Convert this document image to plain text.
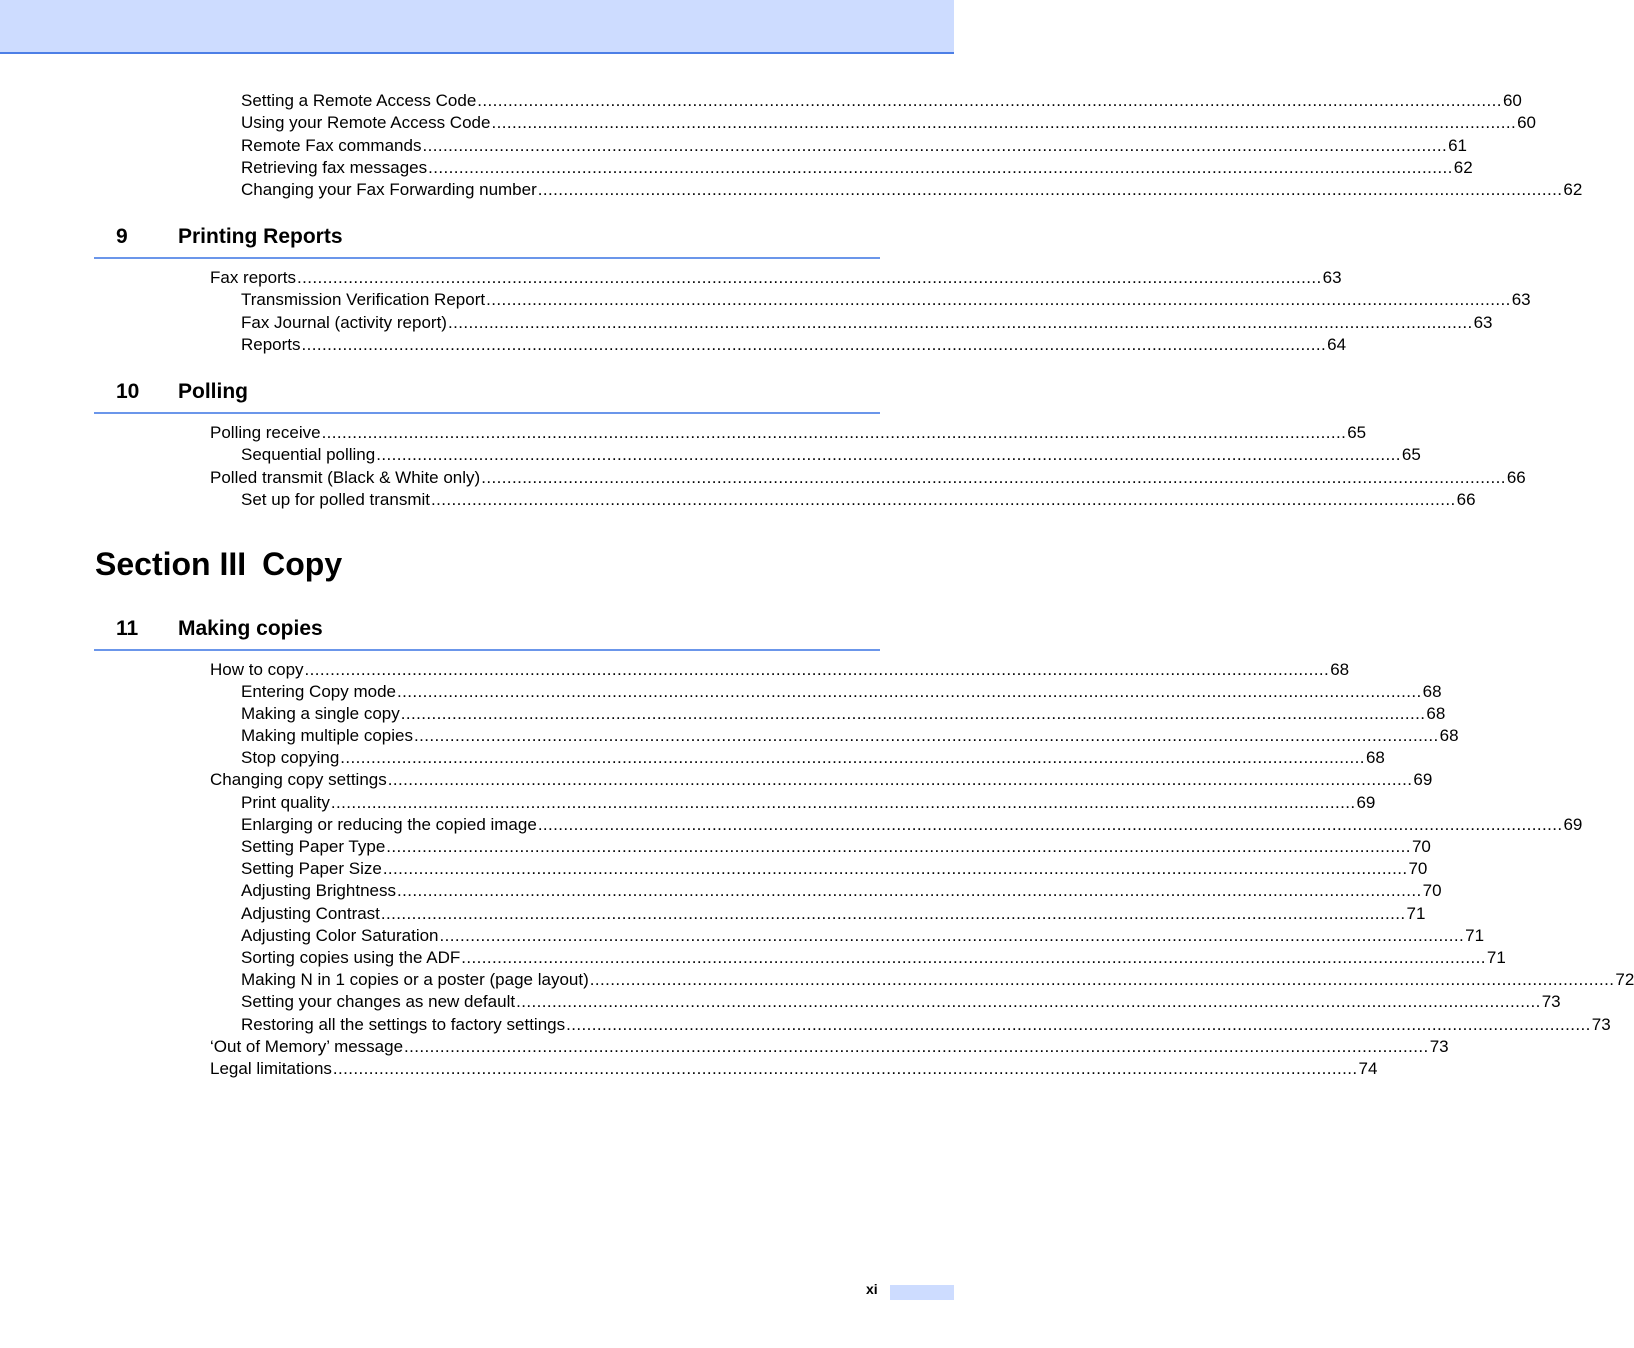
Setting a Remote Access Code ........................................................................................................................................................................................................ 60
Using your Remote Access Code ........................................................................................................................................................................................................ 60
Remote Fax commands ........................................................................................................................................................................................................ 61
Retrieving fax messages ........................................................................................................................................................................................................ 62
Changing your Fax Forwarding number ........................................................................................................................................................................................................ 62
9 Printing Reports
Fax reports ........................................................................................................................................................................................................ 63
Transmission Verification Report ........................................................................................................................................................................................................ 63
Fax Journal (activity report) ........................................................................................................................................................................................................ 63
Reports ........................................................................................................................................................................................................ 64
10 Polling
Polling receive ........................................................................................................................................................................................................ 65
Sequential polling ........................................................................................................................................................................................................ 65
Polled transmit (Black & White only) ........................................................................................................................................................................................................ 66
Set up for polled transmit ........................................................................................................................................................................................................ 66
Section III Copy
11 Making copies
How to copy ........................................................................................................................................................................................................ 68
Entering Copy mode ........................................................................................................................................................................................................ 68
Making a single copy ........................................................................................................................................................................................................ 68
Making multiple copies ........................................................................................................................................................................................................ 68
Stop copying ........................................................................................................................................................................................................ 68
Changing copy settings ........................................................................................................................................................................................................ 69
Print quality ........................................................................................................................................................................................................ 69
Enlarging or reducing the copied image ........................................................................................................................................................................................................ 69
Setting Paper Type ........................................................................................................................................................................................................ 70
Setting Paper Size ........................................................................................................................................................................................................ 70
Adjusting Brightness ........................................................................................................................................................................................................ 70
Adjusting Contrast ........................................................................................................................................................................................................ 71
Adjusting Color Saturation ........................................................................................................................................................................................................ 71
Sorting copies using the ADF ........................................................................................................................................................................................................ 71
Making N in 1 copies or a poster (page layout) ........................................................................................................................................................................................................ 72
Setting your changes as new default ........................................................................................................................................................................................................ 73
Restoring all the settings to factory settings ........................................................................................................................................................................................................ 73
‘Out of Memory’ message ........................................................................................................................................................................................................ 73
Legal limitations ........................................................................................................................................................................................................ 74
xi
